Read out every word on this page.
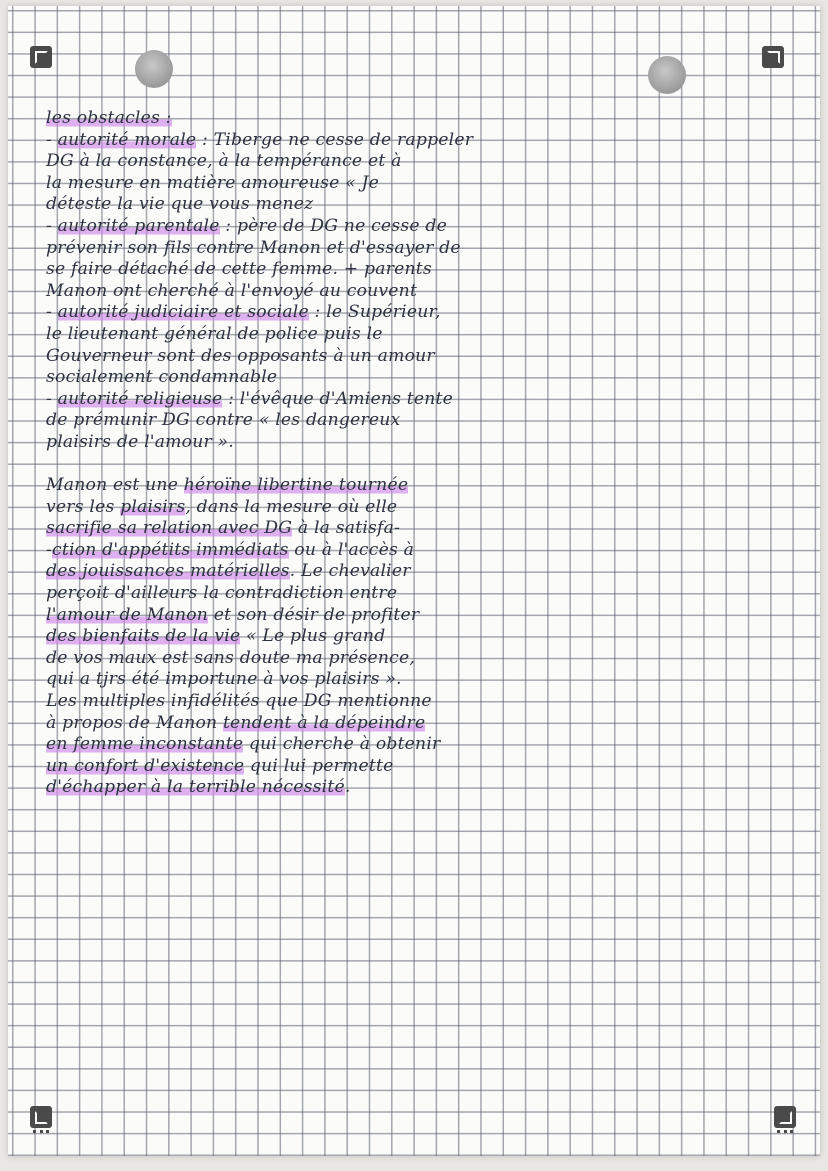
les obstacles :
- autorité morale : Tiberge ne cesse de rappeler
DG à la constance, à la tempérance et à
la mesure en matière amoureuse « Je
déteste la vie que vous menez
- autorité parentale : père de DG ne cesse de
prévenir son fils contre Manon et d'essayer de
se faire détaché de cette femme. + parents
Manon ont cherché à l'envoyé au couvent
- autorité judiciaire et sociale : le Supérieur,
le lieutenant général de police puis le
Gouverneur sont des opposants à un amour
socialement condamnable
- autorité religieuse : l'évêque d'Amiens tente
de prémunir DG contre « les dangereux
plaisirs de l'amour ».
Manon est une héroïne libertine tournée
vers les plaisirs, dans la mesure où elle
sacrifie sa relation avec DG à la satisfa-
-ction d'appétits immédiats ou à l'accès à
des jouissances matérielles. Le chevalier
perçoit d'ailleurs la contradiction entre
l'amour de Manon et son désir de profiter
des bienfaits de la vie « Le plus grand
de vos maux est sans doute ma présence,
qui a tjrs été importune à vos plaisirs ».
Les multiples infidélités que DG mentionne
à propos de Manon tendent à la dépeindre
en femme inconstante qui cherche à obtenir
un confort d'existence qui lui permette
d'échapper à la terrible nécessité.
